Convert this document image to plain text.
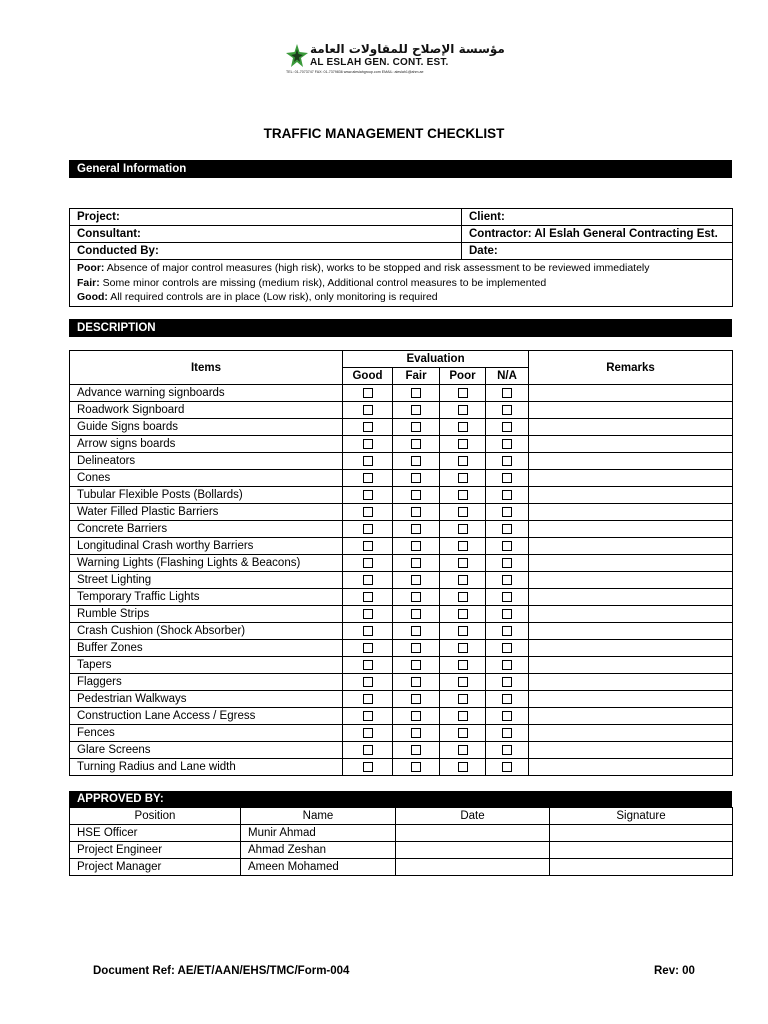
مؤسسة الإصلاح للمقاولات العامة
AL ESLAH GEN. CONT. EST.
TEL: 01-7073747 FAX: 01-7379836 www.aleslahgroup.com EMAIL: aleslah1@ahm.ae
TRAFFIC MANAGEMENT CHECKLIST
General Information
Project:	Client:
Consultant:	Contractor: Al Eslah General Contracting Est.
Conducted By:	Date:

Poor: Absence of major control measures (high risk), works to be stopped and risk assessment to be reviewed immediately
Fair: Some minor controls are missing (medium risk), Additional control measures to be implemented
Good: All required controls are in place (Low risk), only monitoring is required	
DESCRIPTION
Items	Evaluation				Remarks
	Good	Fair	Poor	N/A	
Advance warning signboards					
Roadwork Signboard					
Guide Signs boards					
Arrow signs boards					
Delineators					
Cones					
Tubular Flexible Posts (Bollards)					
Water Filled Plastic Barriers					
Concrete Barriers					
Longitudinal Crash worthy Barriers					
Warning Lights (Flashing Lights & Beacons)					
Street Lighting					
Temporary Traffic Lights					
Rumble Strips					
Crash Cushion (Shock Absorber)					
Buffer Zones					
Tapers					
Flaggers					
Pedestrian Walkways					
Construction Lane Access / Egress					
Fences					
Glare Screens					
Turning Radius and Lane width					
APPROVED BY:
Position	Name	Date	Signature
HSE Officer	Munir Ahmad		
Project Engineer	Ahmad Zeshan		
Project Manager	Ameen Mohamed		
Document Ref: AE/ET/AAN/EHS/TMC/Form-004	Rev: 00
